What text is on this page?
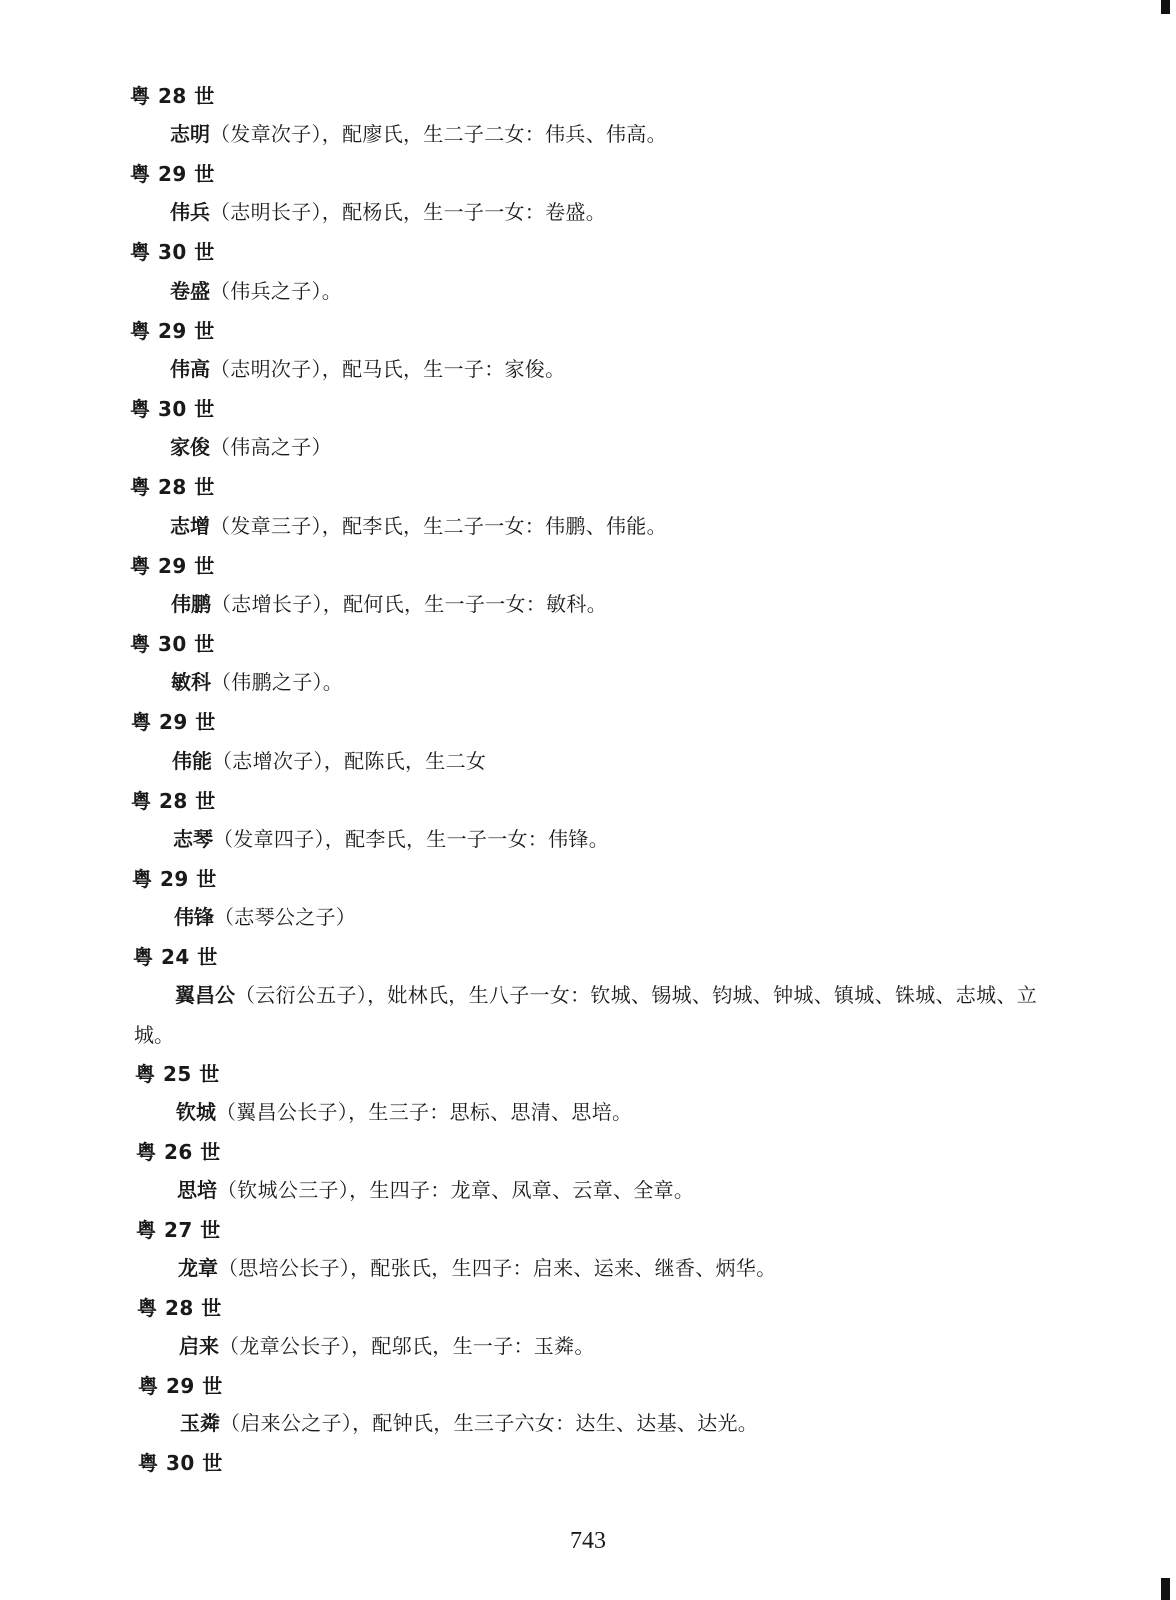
粤 28 世
志明（发章次子），配廖氏，生二子二女：伟兵、伟高。
粤 29 世
伟兵（志明长子），配杨氏，生一子一女：卷盛。
粤 30 世
卷盛（伟兵之子）。
粤 29 世
伟高（志明次子），配马氏，生一子：家俊。
粤 30 世
家俊（伟高之子）
粤 28 世
志增（发章三子），配李氏，生二子一女：伟鹏、伟能。
粤 29 世
伟鹏（志增长子），配何氏，生一子一女：敏科。
粤 30 世
敏科（伟鹏之子）。
粤 29 世
伟能（志增次子），配陈氏，生二女
粤 28 世
志琴（发章四子），配李氏，生一子一女：伟锋。
粤 29 世
伟锋（志琴公之子）
粤 24 世
翼昌公（云衍公五子），妣林氏，生八子一女：钦城、锡城、钧城、钟城、镇城、铢城、志城、立
城。
粤 25 世
钦城（翼昌公长子），生三子：思标、思清、思培。
粤 26 世
思培（钦城公三子），生四子：龙章、凤章、云章、全章。
粤 27 世
龙章（思培公长子），配张氏，生四子：启来、运来、继香、炳华。
粤 28 世
启来（龙章公长子），配邬氏，生一子：玉粦。
粤 29 世
玉粦（启来公之子），配钟氏，生三子六女：达生、达基、达光。
粤 30 世
743
